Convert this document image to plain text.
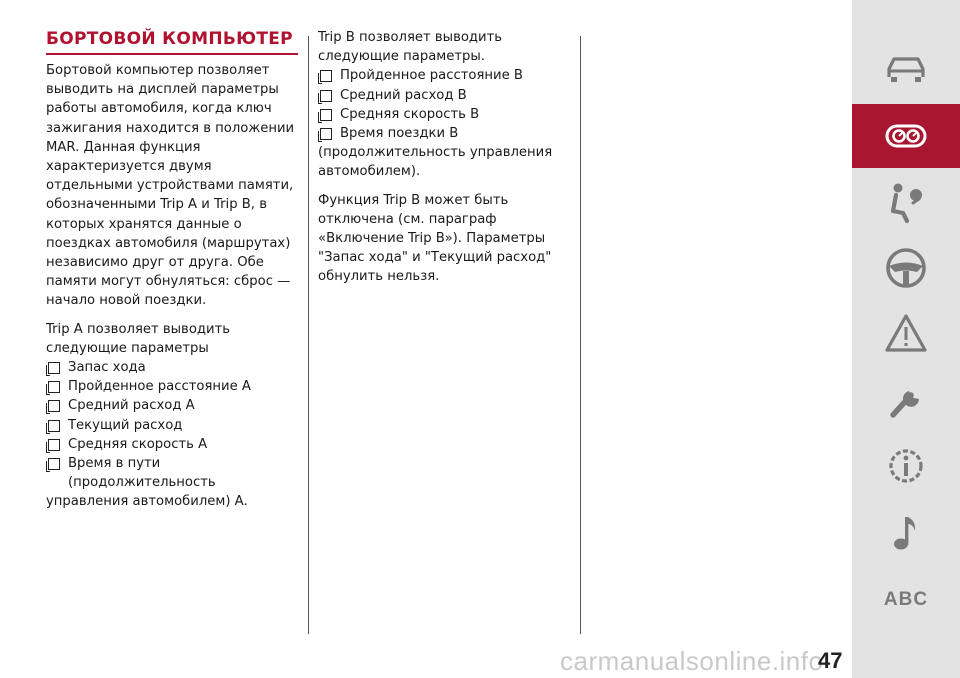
БОРТОВОЙ КОМПЬЮТЕР

Бортовой компьютер позволяет выводить на дисплей параметры работы автомобиля, когда ключ зажигания находится в положении MAR. Данная функция характеризуется двумя отдельными устройствами памяти, обозначенными Trip A и Trip B, в которых хранятся данные о поездках автомобиля (маршрутах) независимо друг от друга. Обе памяти могут обнуляться: сброс — начало новой поездки.

Trip A позволяет выводить следующие параметры

Запас хода
Пройденное расстояние A
Средний расход A
Текущий расход
Средняя скорость A
Время в пути (продолжительность
управления автомобилем) A.

Trip B позволяет выводить следующие параметры.

Пройденное расстояние B
Средний расход B
Средняя скорость B
Время поездки B

(продолжительность управления автомобилем).

Функция Trip B может быть отключена (см. параграф «Включение Trip B»). Параметры "Запас хода" и "Текущий расход" обнулить нельзя.

ABC
carmanualsonline.info
47
